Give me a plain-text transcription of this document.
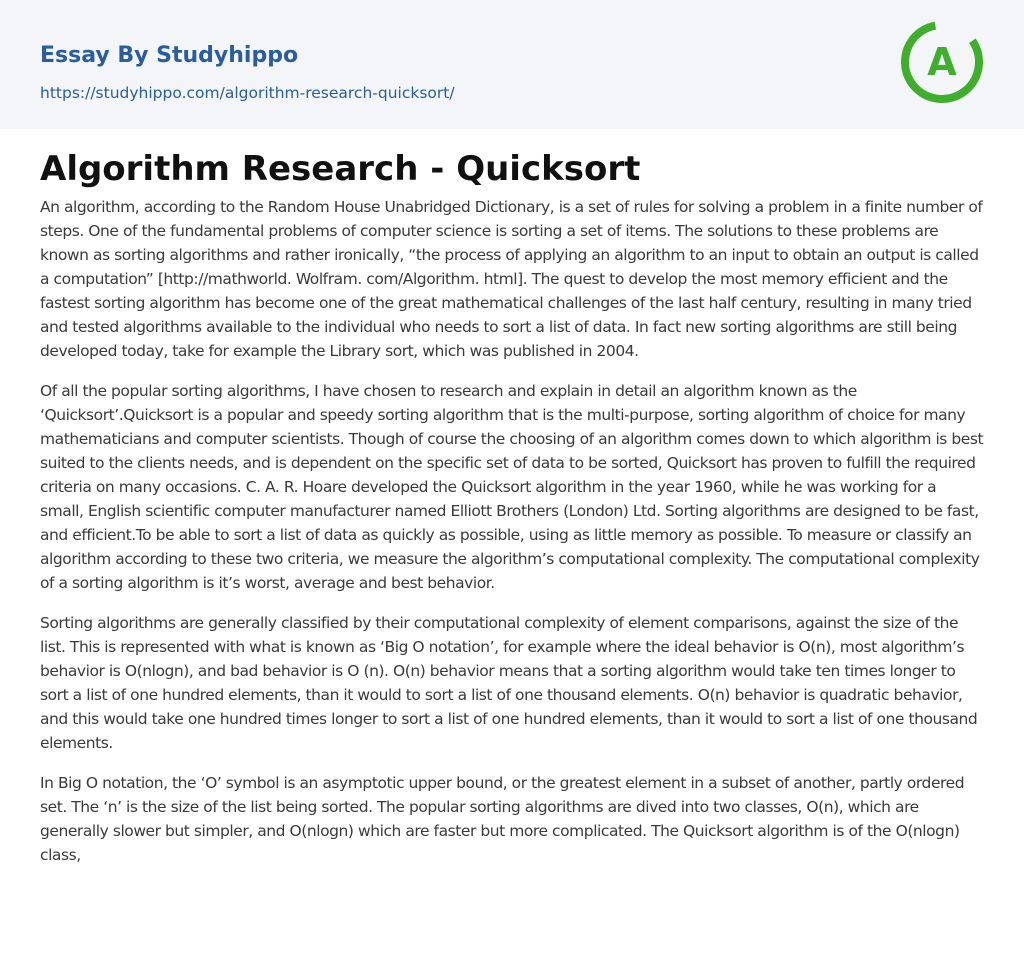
Essay By Studyhippo
https://studyhippo.com/algorithm-research-quicksort/
A
Algorithm Research - Quicksort

An algorithm, according to the Random House Unabridged Dictionary, is a set of rules for solving a problem in a finite number of steps. One of the fundamental problems of computer science is sorting a set of items. The solutions to these problems are known as sorting algorithms and rather ironically, “the process of applying an algorithm to an input to obtain an output is called a computation” [http://mathworld. Wolfram. com/Algorithm. html]. The quest to develop the most memory efficient and the fastest sorting algorithm has become one of the great mathematical challenges of the last half century, resulting in many tried and tested algorithms available to the individual who needs to sort a list of data. In fact new sorting algorithms are still being developed today, take for example the Library sort, which was published in 2004.

Of all the popular sorting algorithms, I have chosen to research and explain in detail an algorithm known as the ‘Quicksort’.Quicksort is a popular and speedy sorting algorithm that is the multi-purpose, sorting algorithm of choice for many mathematicians and computer scientists. Though of course the choosing of an algorithm comes down to which algorithm is best suited to the clients needs, and is dependent on the specific set of data to be sorted, Quicksort has proven to fulfill the required criteria on many occasions. C. A. R. Hoare developed the Quicksort algorithm in the year 1960, while he was working for a small, English scientific computer manufacturer named Elliott Brothers (London) Ltd. Sorting algorithms are designed to be fast, and efficient.To be able to sort a list of data as quickly as possible, using as little memory as possible. To measure or classify an algorithm according to these two criteria, we measure the algorithm’s computational complexity. The computational complexity of a sorting algorithm is it’s worst, average and best behavior.

Sorting algorithms are generally classified by their computational complexity of element comparisons, against the size of the list. This is represented with what is known as ‘Big O notation’, for example where the ideal behavior is O(n), most algorithm’s behavior is O(nlogn), and bad behavior is O (n). O(n) behavior means that a sorting algorithm would take ten times longer to sort a list of one hundred elements, than it would to sort a list of one thousand elements. O(n) behavior is quadratic behavior, and this would take one hundred times longer to sort a list of one hundred elements, than it would to sort a list of one thousand elements.

In Big O notation, the ‘O’ symbol is an asymptotic upper bound, or the greatest element in a subset of another, partly ordered set. The ‘n’ is the size of the list being sorted. The popular sorting algorithms are dived into two classes, O(n), which are generally slower but simpler, and O(nlogn) which are faster but more complicated. The Quicksort algorithm is of the O(nlogn) class,
